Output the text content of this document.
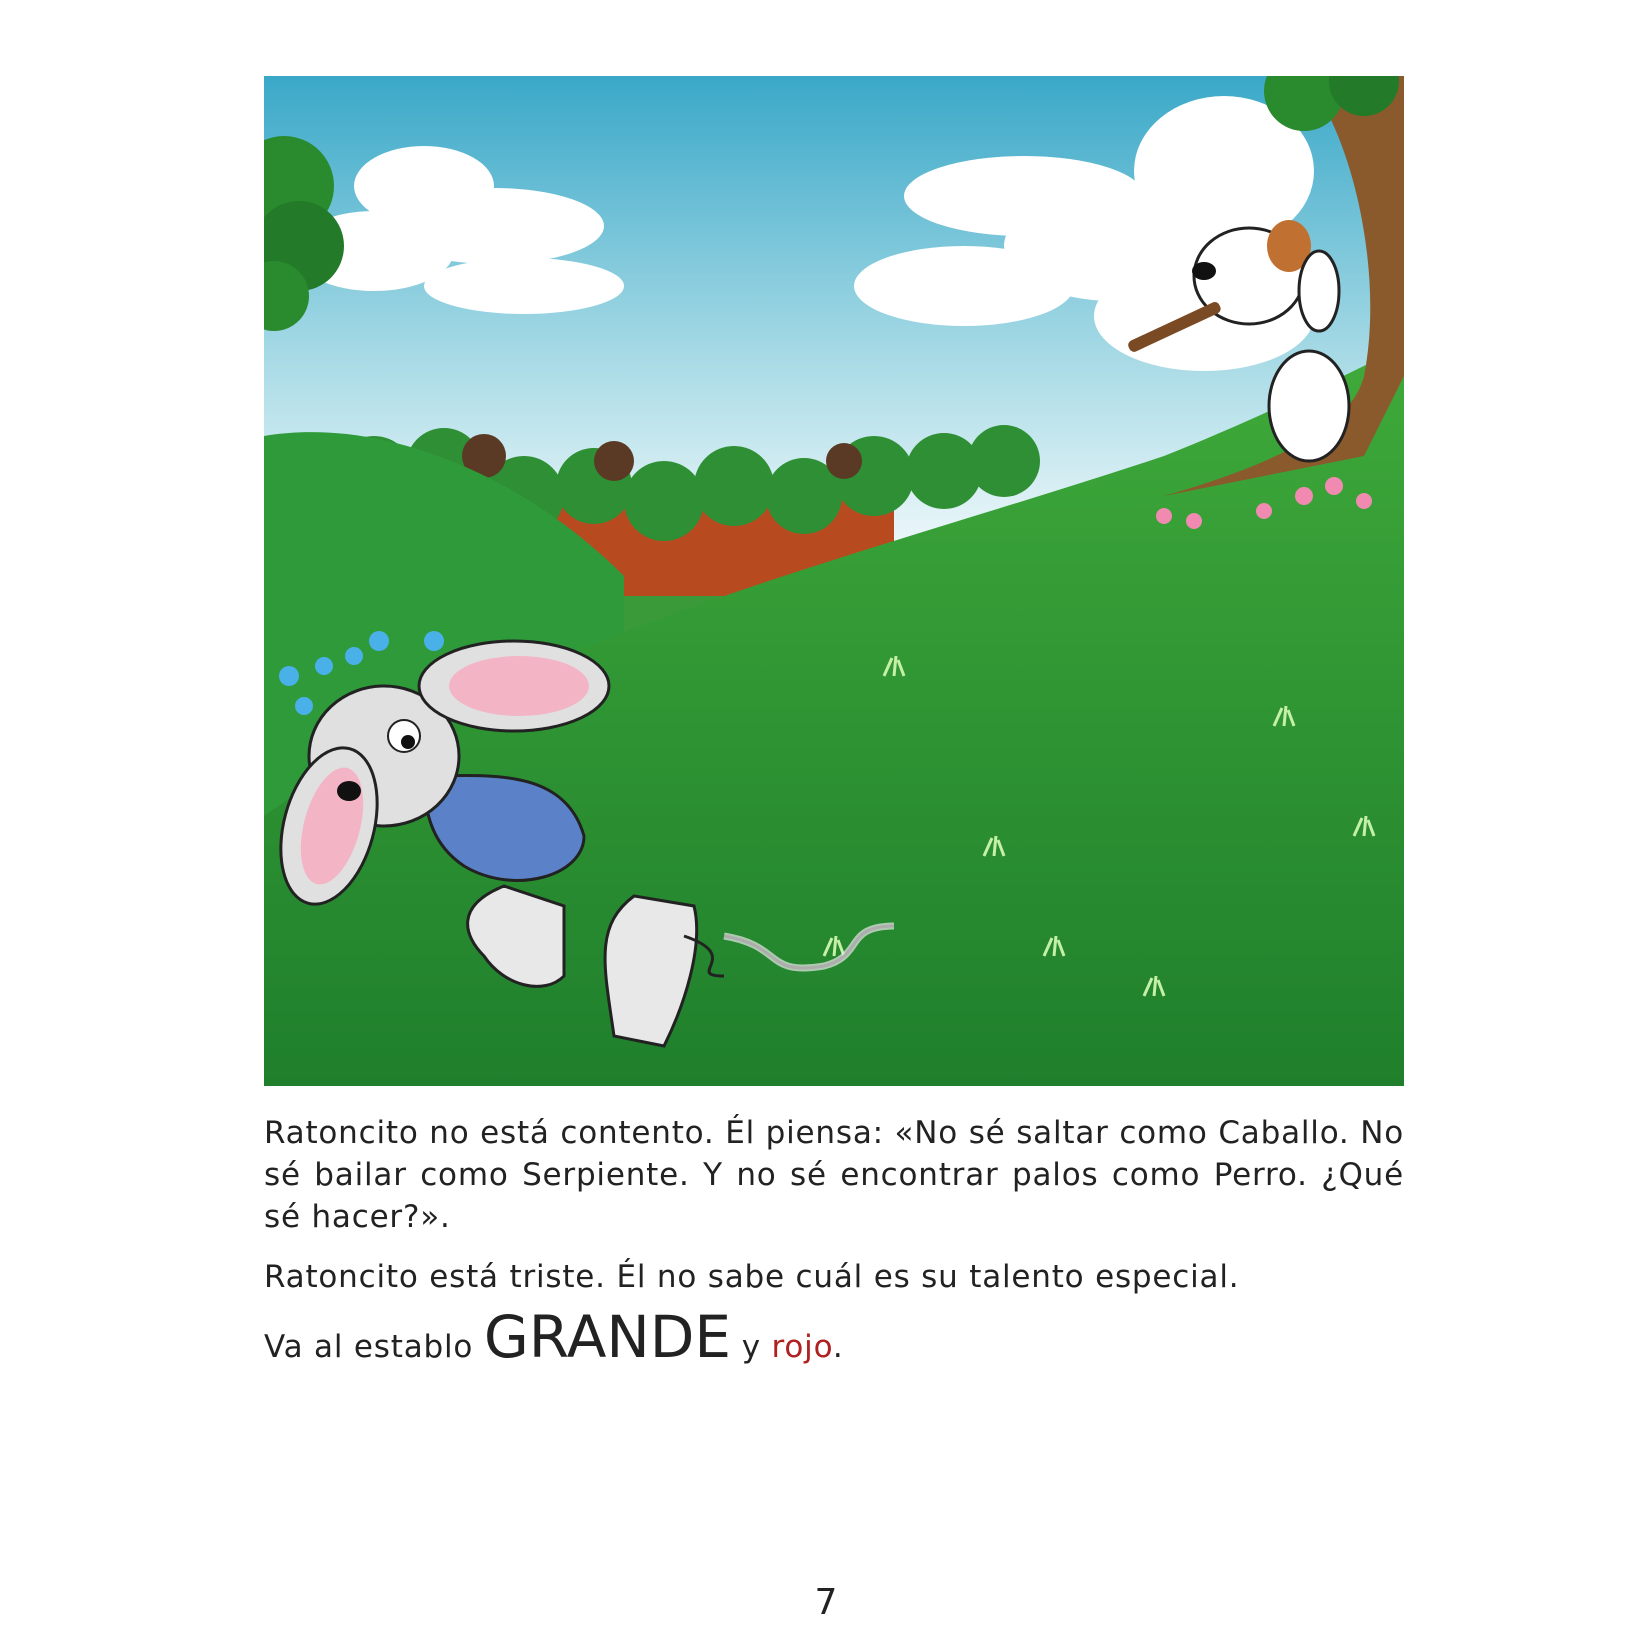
Ratoncito no está contento. Él piensa: «No sé saltar como Caballo. No sé bailar como Serpiente. Y no sé encontrar palos como Perro. ¿Qué sé hacer?».

Ratoncito está triste. Él no sabe cuál es su talento especial.

Va al establo GRANDE y rojo.

7
